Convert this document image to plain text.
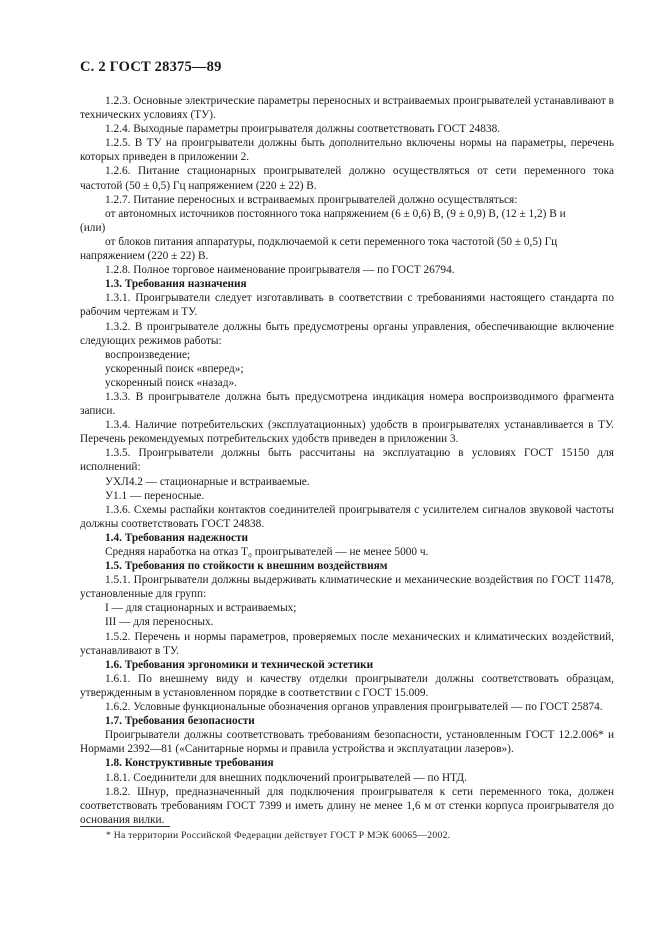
С. 2 ГОСТ 28375—89

1.2.3. Основные электрические параметры переносных и встраиваемых проигрывателей устанавливают в технических условиях (ТУ).

1.2.4. Выходные параметры проигрывателя должны соответствовать ГОСТ 24838.

1.2.5. В ТУ на проигрыватели должны быть дополнительно включены нормы на параметры, перечень которых приведен в приложении 2.

1.2.6. Питание стационарных проигрывателей должно осуществляться от сети переменного тока частотой (50 ± 0,5) Гц напряжением (220 ± 22) В.

1.2.7. Питание переносных и встраиваемых проигрывателей должно осуществляться:

от автономных источников постоянного тока напряжением (6 ± 0,6) В, (9 ± 0,9) В, (12 ± 1,2) В и

(или)

от блоков питания аппаратуры, подключаемой к сети переменного тока частотой (50 ± 0,5) Гц

напряжением (220 ± 22) В.

1.2.8. Полное торговое наименование проигрывателя — по ГОСТ 26794.

1.3. Требования назначения

1.3.1. Проигрыватели следует изготавливать в соответствии с требованиями настоящего стандарта по рабочим чертежам и ТУ.

1.3.2. В проигрывателе должны быть предусмотрены органы управления, обеспечивающие включение следующих режимов работы:

воспроизведение;

ускоренный поиск «вперед»;

ускоренный поиск «назад».

1.3.3. В проигрывателе должна быть предусмотрена индикация номера воспроизводимого фрагмента записи.

1.3.4. Наличие потребительских (эксплуатационных) удобств в проигрывателях устанавливается в ТУ. Перечень рекомендуемых потребительских удобств приведен в приложении 3.

1.3.5. Проигрыватели должны быть рассчитаны на эксплуатацию в условиях ГОСТ 15150 для исполнений:

УХЛ4.2 — стационарные и встраиваемые.

У1.1 — переносные.

1.3.6. Схемы распайки контактов соединителей проигрывателя с усилителем сигналов звуковой частоты должны соответствовать ГОСТ 24838.

1.4. Требования надежности

Средняя наработка на отказ T₀ проигрывателей — не менее 5000 ч.

1.5. Требования по стойкости к внешним воздействиям

1.5.1. Проигрыватели должны выдерживать климатические и механические воздействия по ГОСТ 11478, установленные для групп:

I — для стационарных и встраиваемых;

III — для переносных.

1.5.2. Перечень и нормы параметров, проверяемых после механических и климатических воздействий, устанавливают в ТУ.

1.6. Требования эргономики и технической эстетики

1.6.1. По внешнему виду и качеству отделки проигрыватели должны соответствовать образцам, утвержденным в установленном порядке в соответствии с ГОСТ 15.009.

1.6.2. Условные функциональные обозначения органов управления проигрывателей — по ГОСТ 25874.

1.7. Требования безопасности

Проигрыватели должны соответствовать требованиям безопасности, установленным ГОСТ 12.2.006* и Нормами 2392—81 («Санитарные нормы и правила устройства и эксплуатации лазеров»).

1.8. Конструктивные требования

1.8.1. Соединители для внешних подключений проигрывателей — по НТД.

1.8.2. Шнур, предназначенный для подключения проигрывателя к сети переменного тока, должен соответствовать требованиям ГОСТ 7399 и иметь длину не менее 1,6 м от стенки корпуса проигрывателя до основания вилки.

* На территории Российской Федерации действует ГОСТ Р МЭК 60065—2002.
